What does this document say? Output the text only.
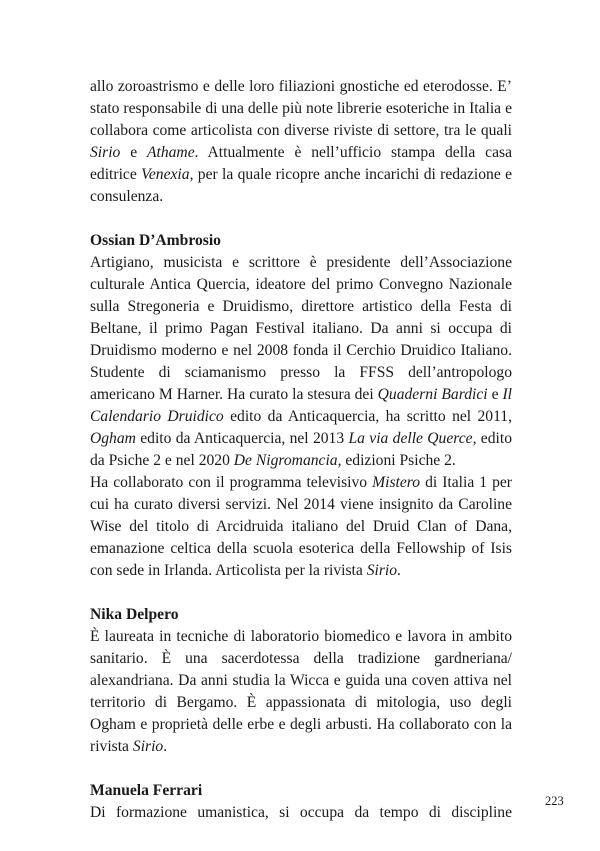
allo zoroastrismo e delle loro filiazioni gnostiche ed eterodosse. E’ stato responsabile di una delle più note librerie esoteriche in Italia e collabora come articolista con diverse riviste di settore, tra le quali Sirio e Athame. Attualmente è nell’ufficio stampa della casa editrice Venexia, per la quale ricopre anche incarichi di redazione e consulenza.

Ossian D’Ambrosio

Artigiano, musicista e scrittore è presidente dell’Associazione culturale Antica Quercia, ideatore del primo Convegno Nazionale sulla Stregoneria e Druidismo, direttore artistico della Festa di Beltane, il primo Pagan Festival italiano. Da anni si occupa di Druidismo moderno e nel 2008 fonda il Cerchio Druidico Italiano. Studente di sciamanismo presso la FFSS dell’antropologo americano M Harner. Ha curato la stesura dei Quaderni Bardici e Il Calendario Druidico edito da Anticaquercia, ha scritto nel 2011, Ogham edito da Anticaquercia, nel 2013 La via delle Querce, edito da Psiche 2 e nel 2020 De Nigromancia, edizioni Psiche 2.

Ha collaborato con il programma televisivo Mistero di Italia 1 per cui ha curato diversi servizi. Nel 2014 viene insignito da Caroline Wise del titolo di Arcidruida italiano del Druid Clan of Dana, emanazione celtica della scuola esoterica della Fellowship of Isis con sede in Irlanda. Articolista per la rivista Sirio.

Nika Delpero

È laureata in tecniche di laboratorio biomedico e lavora in ambito sanitario. È una sacerdotessa della tradizione gardneriana/ alexandriana. Da anni studia la Wicca e guida una coven attiva nel territorio di Bergamo. È appassionata di mitologia, uso degli Ogham e proprietà delle erbe e degli arbusti. Ha collaborato con la rivista Sirio.

Manuela Ferrari

Di formazione umanistica, si occupa da tempo di discipline

223
